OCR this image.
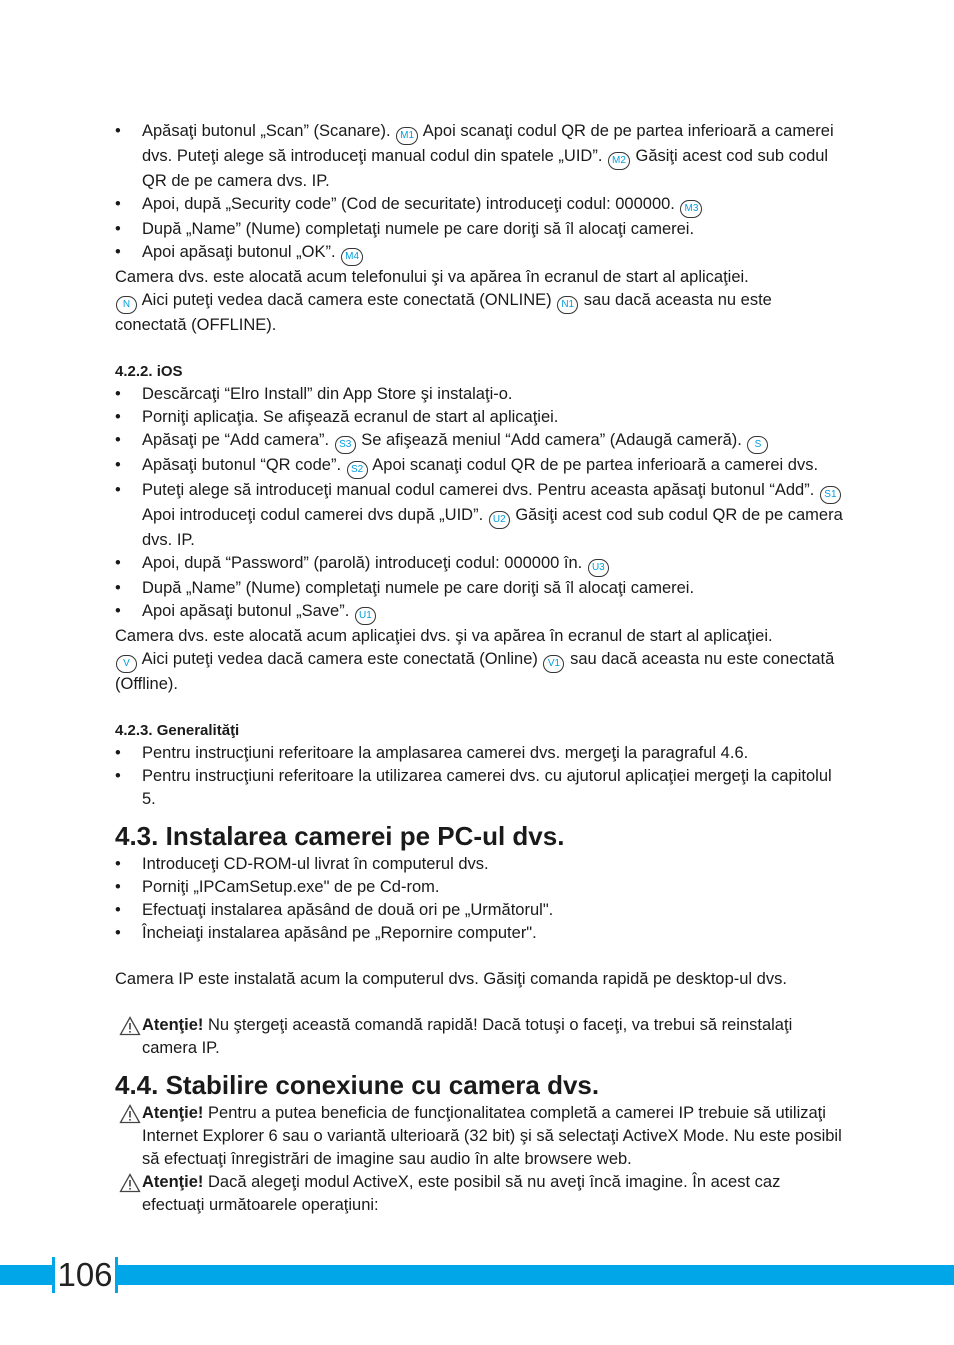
• Apăsaţi butonul „Scan” (Scanare). M1 Apoi scanaţi codul QR de pe partea inferioară a camerei dvs. Puteţi alege să introduceţi manual codul din spatele „UID”. M2 Găsiţi acest cod sub codul QR de pe camera dvs. IP.
• Apoi, după „Security code” (Cod de securitate) introduceţi codul: 000000. M3
• După „Name” (Nume) completaţi numele pe care doriţi să îl alocaţi camerei.
• Apoi apăsaţi butonul „OK”. M4

Camera dvs. este alocată acum telefonului şi va apărea în ecranul de start al aplicaţiei.

N Aici puteţi vedea dacă camera este conectată (ONLINE) N1 sau dacă aceasta nu este conectată (OFFLINE).

4.2.2. iOS
• Descărcaţi “Elro Install” din App Store şi instalaţi-o.
• Porniţi aplicaţia. Se afişează ecranul de start al aplicaţiei.
• Apăsaţi pe “Add camera”. S3 Se afişează meniul “Add camera” (Adaugă cameră). S
• Apăsaţi butonul “QR code”. S2 Apoi scanaţi codul QR de pe partea inferioară a camerei dvs.
• Puteţi alege să introduceţi manual codul camerei dvs. Pentru aceasta apăsaţi butonul “Add”. S1 Apoi introduceţi codul camerei dvs după „UID”. U2 Găsiţi acest cod sub codul QR de pe camera dvs. IP.
• Apoi, după “Password” (parolă) introduceţi codul: 000000 în. U3
• După „Name” (Nume) completaţi numele pe care doriţi să îl alocaţi camerei.
• Apoi apăsaţi butonul „Save”. U1

Camera dvs. este alocată acum aplicaţiei dvs. şi va apărea în ecranul de start al aplicaţiei.

V Aici puteţi vedea dacă camera este conectată (Online) V1 sau dacă aceasta nu este conectată (Offline).

4.2.3. Generalităţi
• Pentru instrucţiuni referitoare la amplasarea camerei dvs. mergeţi la paragraful 4.6.
• Pentru instrucţiuni referitoare la utilizarea camerei dvs. cu ajutorul aplicaţiei mergeţi la capitolul 5.
4.3. Instalarea camerei pe PC-ul dvs.
• Introduceţi CD-ROM-ul livrat în computerul dvs.
• Porniţi „IPCamSetup.exe" de pe Cd-rom.
• Efectuaţi instalarea apăsând de două ori pe „Următorul".
• Încheiaţi instalarea apăsând pe „Repornire computer".

Camera IP este instalată acum la computerul dvs. Găsiţi comanda rapidă pe desktop-ul dvs.

Atenţie! Nu ştergeţi această comandă rapidă! Dacă totuşi o faceţi, va trebui să reinstalaţi camera IP.

4.4. Stabilire conexiune cu camera dvs.

Atenţie! Pentru a putea beneficia de funcţionalitatea completă a camerei IP trebuie să utilizaţi Internet Explorer 6 sau o variantă ulterioară (32 bit) şi să selectaţi ActiveX Mode. Nu este posibil să efectuaţi înregistrări de imagine sau audio în alte browsere web.

Atenţie! Dacă alegeţi modul ActiveX, este posibil să nu aveţi încă imagine. În acest caz efectuaţi următoarele operaţiuni:

106
